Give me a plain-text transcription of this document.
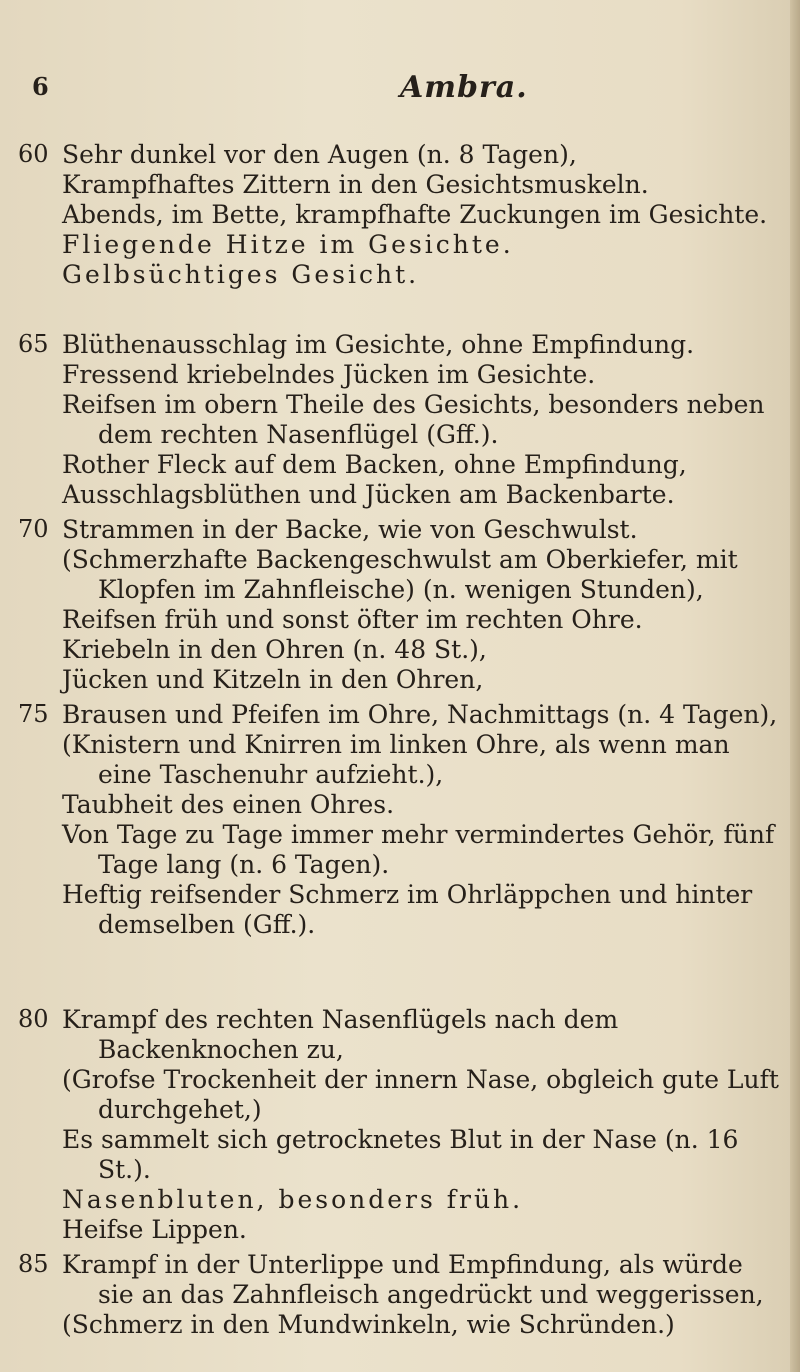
6	Ambra.
60 Sehr dunkel vor den Augen (n. 8 Tagen),

Krampfhaftes Zittern in den Gesichtsmuskeln.

Abends, im Bette, krampfhafte Zuckungen im Gesichte.

Fliegende Hitze im Gesichte.

Gelbsüchtiges Gesicht.

65 Blüthenausschlag im Gesichte, ohne Empfindung.

Fressend kriebelndes Jücken im Gesichte.

Reifsen im obern Theile des Gesichts, besonders neben dem rechten Nasenflügel (Gff.).

Rother Fleck auf dem Backen, ohne Empfindung,

Ausschlagsblüthen und Jücken am Backenbarte.

70 Strammen in der Backe, wie von Geschwulst.

(Schmerzhafte Backengeschwulst am Oberkiefer, mit Klopfen im Zahnfleische) (n. wenigen Stunden),

Reifsen früh und sonst öfter im rechten Ohre.

Kriebeln in den Ohren (n. 48 St.),

Jücken und Kitzeln in den Ohren,

75 Brausen und Pfeifen im Ohre, Nachmittags (n. 4 Tagen),

(Knistern und Knirren im linken Ohre, als wenn man eine Taschenuhr aufzieht.),

Taubheit des einen Ohres.

Von Tage zu Tage immer mehr vermindertes Gehör, fünf Tage lang (n. 6 Tagen).

Heftig reifsender Schmerz im Ohrläppchen und hinter demselben (Gff.).

80 Krampf des rechten Nasenflügels nach dem Backenknochen zu,

(Grofse Trockenheit der innern Nase, obgleich gute Luft durchgehet,)

Es sammelt sich getrocknetes Blut in der Nase (n. 16 St.).

Nasenbluten, besonders früh.

Heifse Lippen.

85 Krampf in der Unterlippe und Empfindung, als würde sie an das Zahnfleisch angedrückt und weggerissen,

(Schmerz in den Mundwinkeln, wie Schründen.)
